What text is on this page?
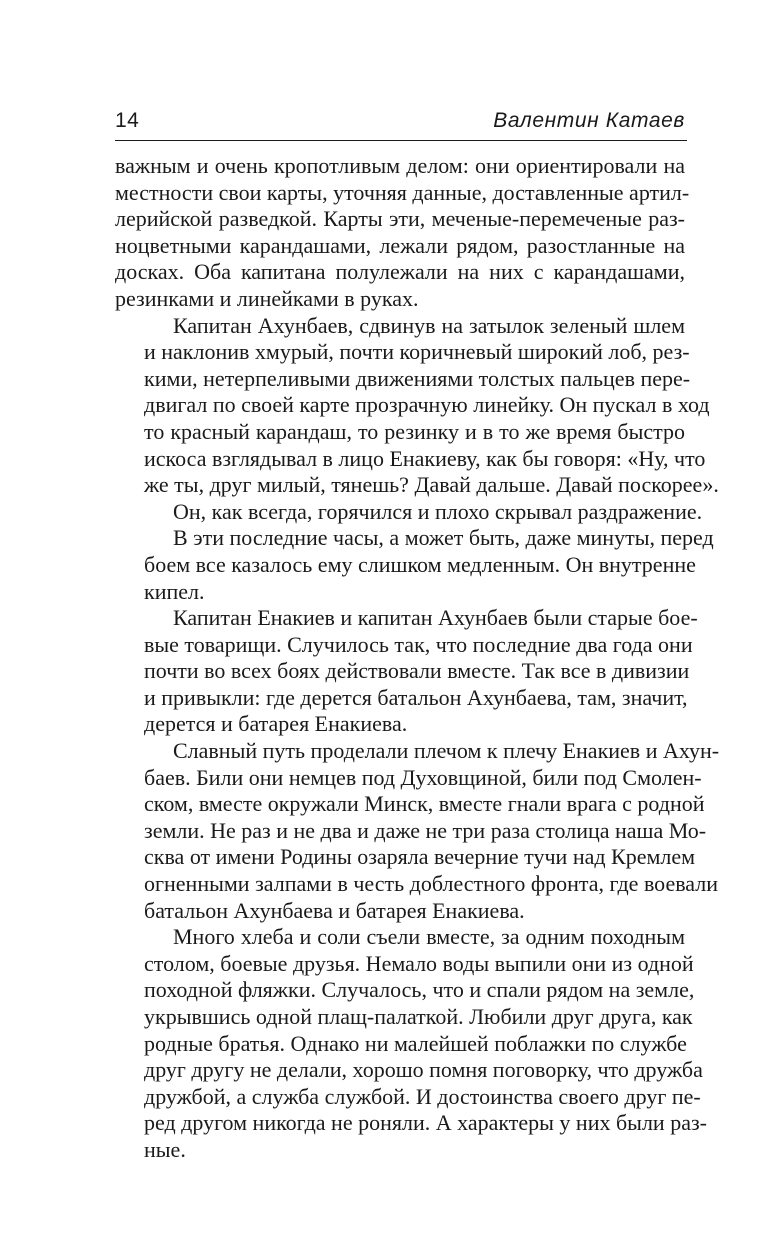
14	Валентин Катаев
важным и очень кропотливым делом: они ориентировали на
местности свои карты, уточняя данные, доставленные артил-
лерийской разведкой. Карты эти, меченые-перемеченые раз-
ноцветными карандашами, лежали рядом, разостланные на
досках. Оба капитана полулежали на них с карандашами,
резинками и линейками в руках.
Капитан Ахунбаев, сдвинув на затылок зеленый шлем
и наклонив хмурый, почти коричневый широкий лоб, рез-
кими, нетерпеливыми движениями толстых пальцев пере-
двигал по своей карте прозрачную линейку. Он пускал в ход
то красный карандаш, то резинку и в то же время быстро
искоса взглядывал в лицо Енакиеву, как бы говоря: «Ну, что
же ты, друг милый, тянешь? Давай дальше. Давай поскорее».
Он, как всегда, горячился и плохо скрывал раздражение.
В эти последние часы, а может быть, даже минуты, перед
боем все казалось ему слишком медленным. Он внутренне
кипел.
Капитан Енакиев и капитан Ахунбаев были старые бое-
вые товарищи. Случилось так, что последние два года они
почти во всех боях действовали вместе. Так все в дивизии
и привыкли: где дерется батальон Ахунбаева, там, значит,
дерется и батарея Енакиева.
Славный путь проделали плечом к плечу Енакиев и Ахун-
баев. Били они немцев под Духовщиной, били под Смолен-
ском, вместе окружали Минск, вместе гнали врага с родной
земли. Не раз и не два и даже не три раза столица наша Мо-
сква от имени Родины озаряла вечерние тучи над Кремлем
огненными залпами в честь доблестного фронта, где воевали
батальон Ахунбаева и батарея Енакиева.
Много хлеба и соли съели вместе, за одним походным
столом, боевые друзья. Немало воды выпили они из одной
походной фляжки. Случалось, что и спали рядом на земле,
укрывшись одной плащ-палаткой. Любили друг друга, как
родные братья. Однако ни малейшей поблажки по службе
друг другу не делали, хорошо помня поговорку, что дружба
дружбой, а служба службой. И достоинства своего друг пе-
ред другом никогда не роняли. А характеры у них были раз-
ные.
